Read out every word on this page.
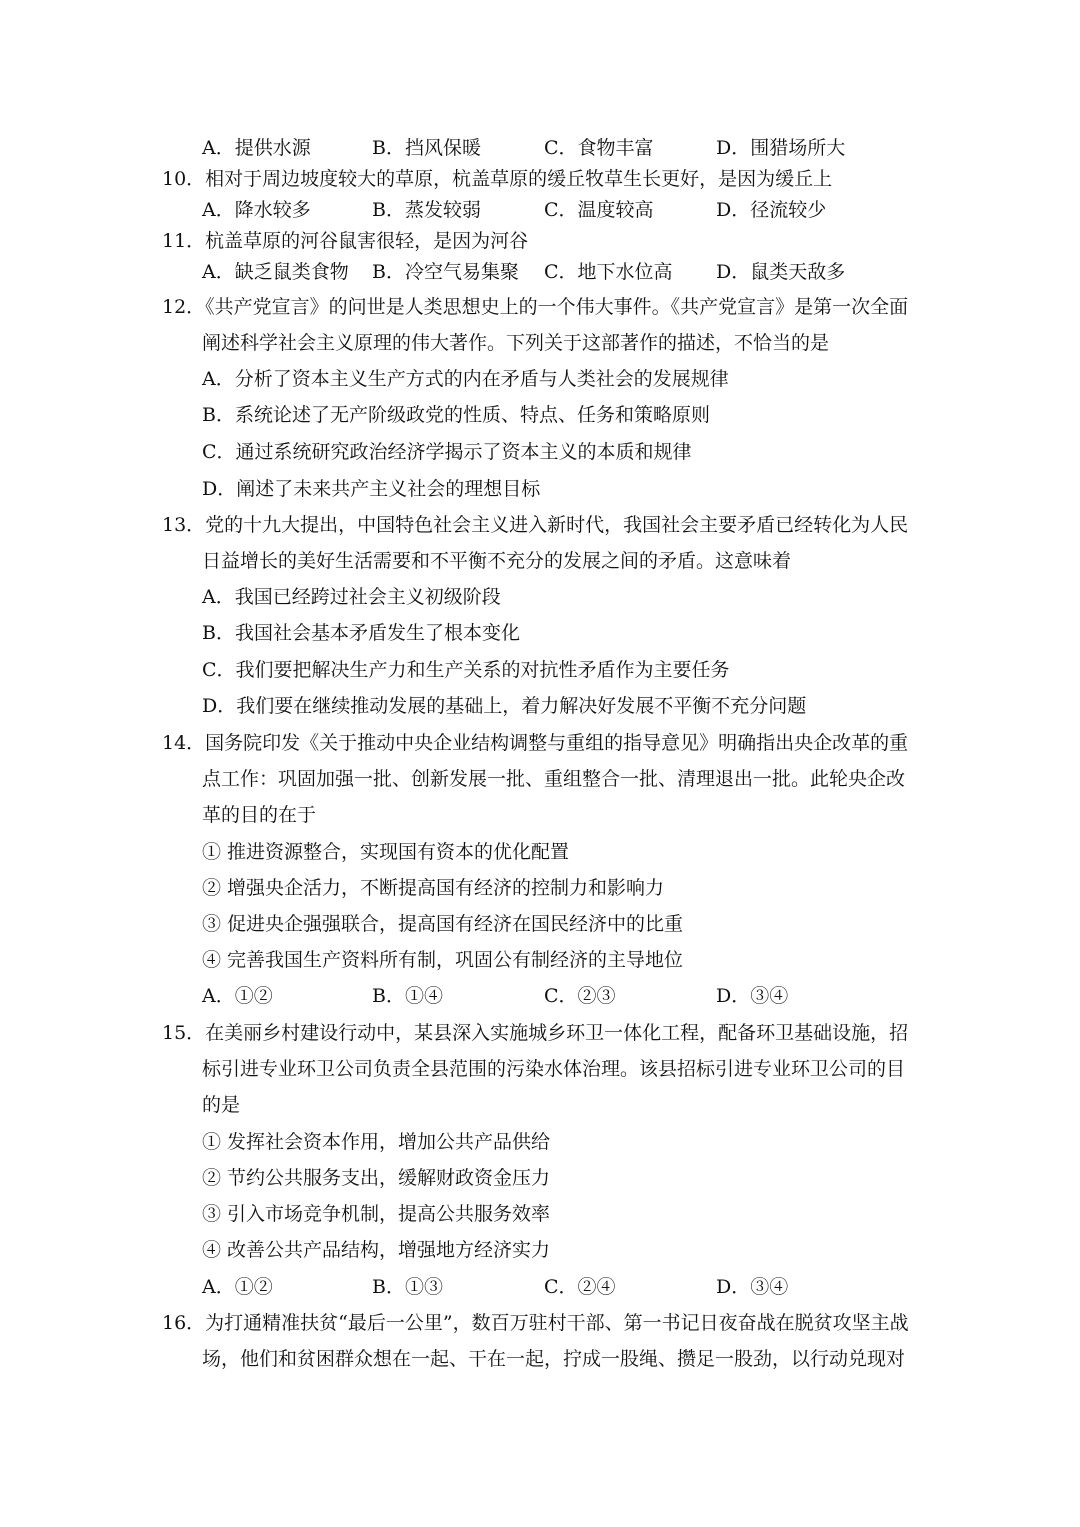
A．提供水源	B．挡风保暖	C．食物丰富	D．围猎场所大
10．相对于周边坡度较大的草原，杭盖草原的缓丘牧草生长更好，是因为缓丘上
A．降水较多	B．蒸发较弱	C．温度较高	D．径流较少
11．杭盖草原的河谷鼠害很轻，是因为河谷
A．缺乏鼠类食物 B．冷空气易集聚 C．地下水位高 D．鼠类天敌多
12．《共产党宣言》的问世是人类思想史上的一个伟大事件。《共产党宣言》是第一次全面
阐述科学社会主义原理的伟大著作。下列关于这部著作的描述，不恰当的是
A．分析了资本主义生产方式的内在矛盾与人类社会的发展规律
B．系统论述了无产阶级政党的性质、特点、任务和策略原则
C．通过系统研究政治经济学揭示了资本主义的本质和规律
D．阐述了未来共产主义社会的理想目标
13．党的十九大提出，中国特色社会主义进入新时代，我国社会主要矛盾已经转化为人民
日益增长的美好生活需要和不平衡不充分的发展之间的矛盾。这意味着
A．我国已经跨过社会主义初级阶段
B．我国社会基本矛盾发生了根本变化
C．我们要把解决生产力和生产关系的对抗性矛盾作为主要任务
D．我们要在继续推动发展的基础上，着力解决好发展不平衡不充分问题
14．国务院印发《关于推动中央企业结构调整与重组的指导意见》明确指出央企改革的重
点工作：巩固加强一批、创新发展一批、重组整合一批、清理退出一批。此轮央企改
革的目的在于
① 推进资源整合，实现国有资本的优化配置
② 增强央企活力，不断提高国有经济的控制力和影响力
③ 促进央企强强联合，提高国有经济在国民经济中的比重
④ 完善我国生产资料所有制，巩固公有制经济的主导地位
A．①②	B．①④	C．②③	D．③④
15．在美丽乡村建设行动中，某县深入实施城乡环卫一体化工程，配备环卫基础设施，招
标引进专业环卫公司负责全县范围的污染水体治理。该县招标引进专业环卫公司的目
的是
① 发挥社会资本作用，增加公共产品供给
② 节约公共服务支出，缓解财政资金压力
③ 引入市场竞争机制，提高公共服务效率
④ 改善公共产品结构，增强地方经济实力
A．①②	B．①③	C．②④	D．③④
16．为打通精准扶贫“最后一公里”，数百万驻村干部、第一书记日夜奋战在脱贫攻坚主战
场，他们和贫困群众想在一起、干在一起，拧成一股绳、攒足一股劲，以行动兑现对
